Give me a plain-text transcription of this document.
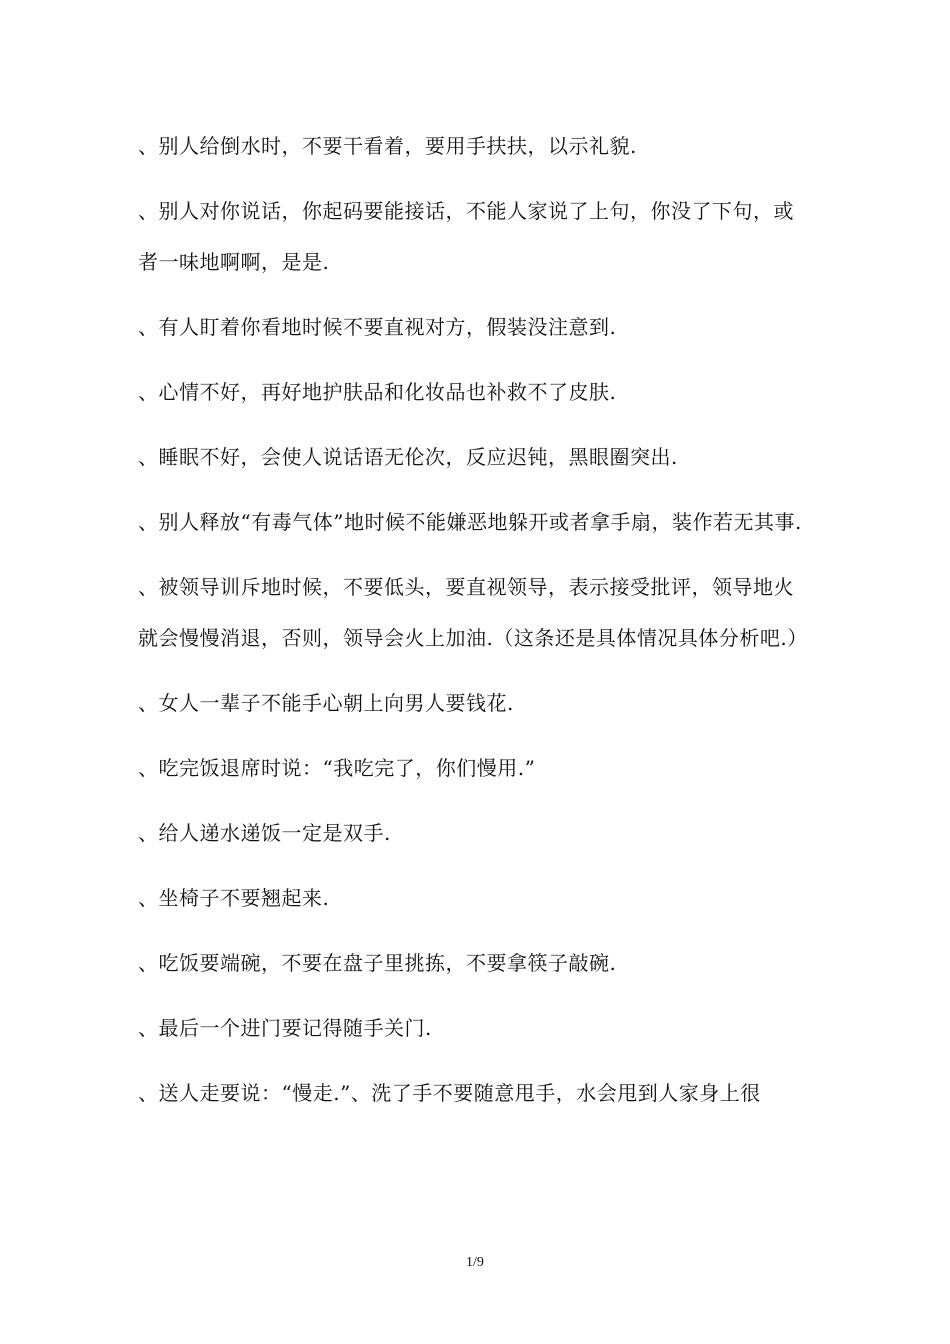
、别人给倒水时，不要干看着，要用手扶扶，以示礼貌.

、别人对你说话，你起码要能接话，不能人家说了上句，你没了下句，或者一味地啊啊，是是.

、有人盯着你看地时候不要直视对方，假装没注意到.

、心情不好，再好地护肤品和化妆品也补救不了皮肤.

、睡眠不好，会使人说话语无伦次，反应迟钝，黑眼圈突出.

、别人释放“有毒气体”地时候不能嫌恶地躲开或者拿手扇，装作若无其事.

、被领导训斥地时候，不要低头，要直视领导，表示接受批评，领导地火就会慢慢消退，否则，领导会火上加油.（这条还是具体情况具体分析吧.）

、女人一辈子不能手心朝上向男人要钱花.

、吃完饭退席时说：“我吃完了，你们慢用.”

、给人递水递饭一定是双手.

、坐椅子不要翘起来.

、吃饭要端碗，不要在盘子里挑拣，不要拿筷子敲碗.

、最后一个进门要记得随手关门.

、送人走要说：“慢走.”、洗了手不要随意甩手，水会甩到人家身上很

1/9
